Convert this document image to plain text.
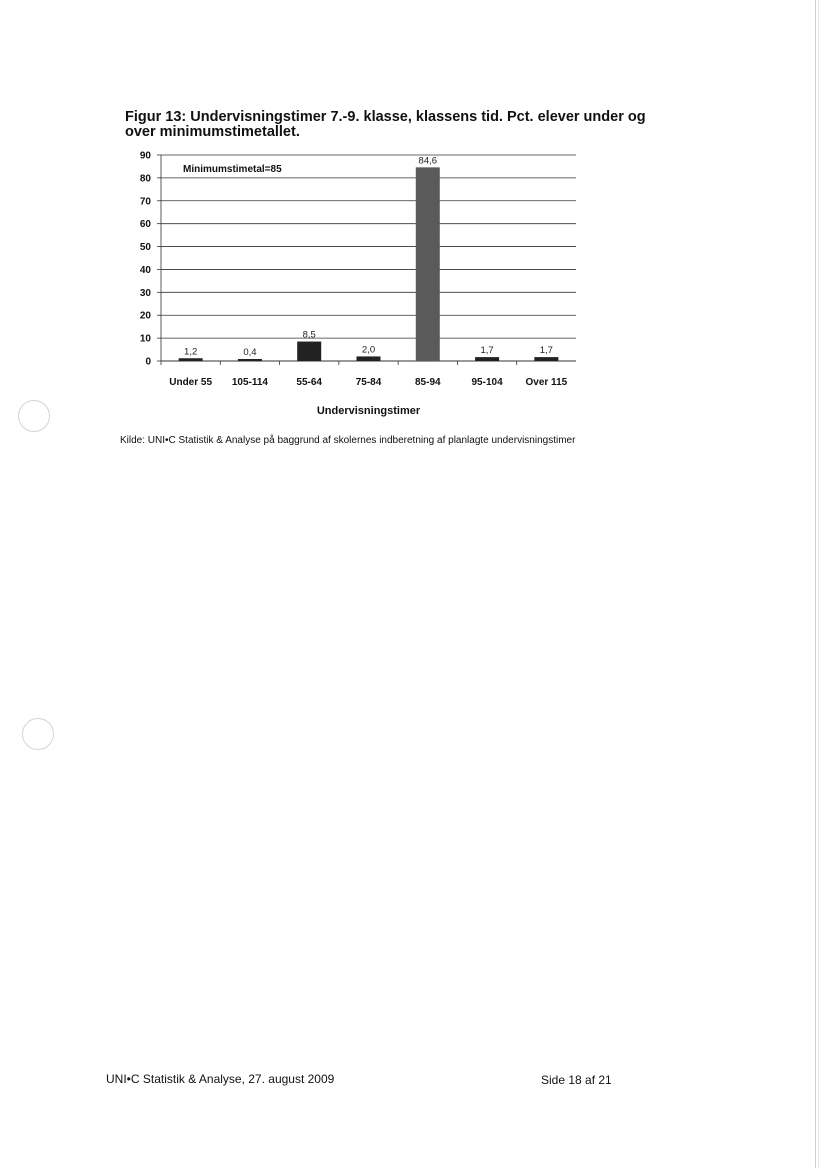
Figur 13: Undervisningstimer 7.-9. klasse, klassens tid. Pct. elever under og over minimumstimetallet.
0
10
20
30
40
50
60
70
80
90
1,2	0,4
8,5
2,0
84,6
1,7	1,7
Under 55 105-114	55-64	75-84	85-94	95-104 Over 115
Minimumstimetal=85
Undervisningstimer
Kilde: UNI•C Statistik & Analyse på baggrund af skolernes indberetning af planlagte undervisningstimer
UNI•C Statistik & Analyse, 27. august 2009	Side 18 af 21
